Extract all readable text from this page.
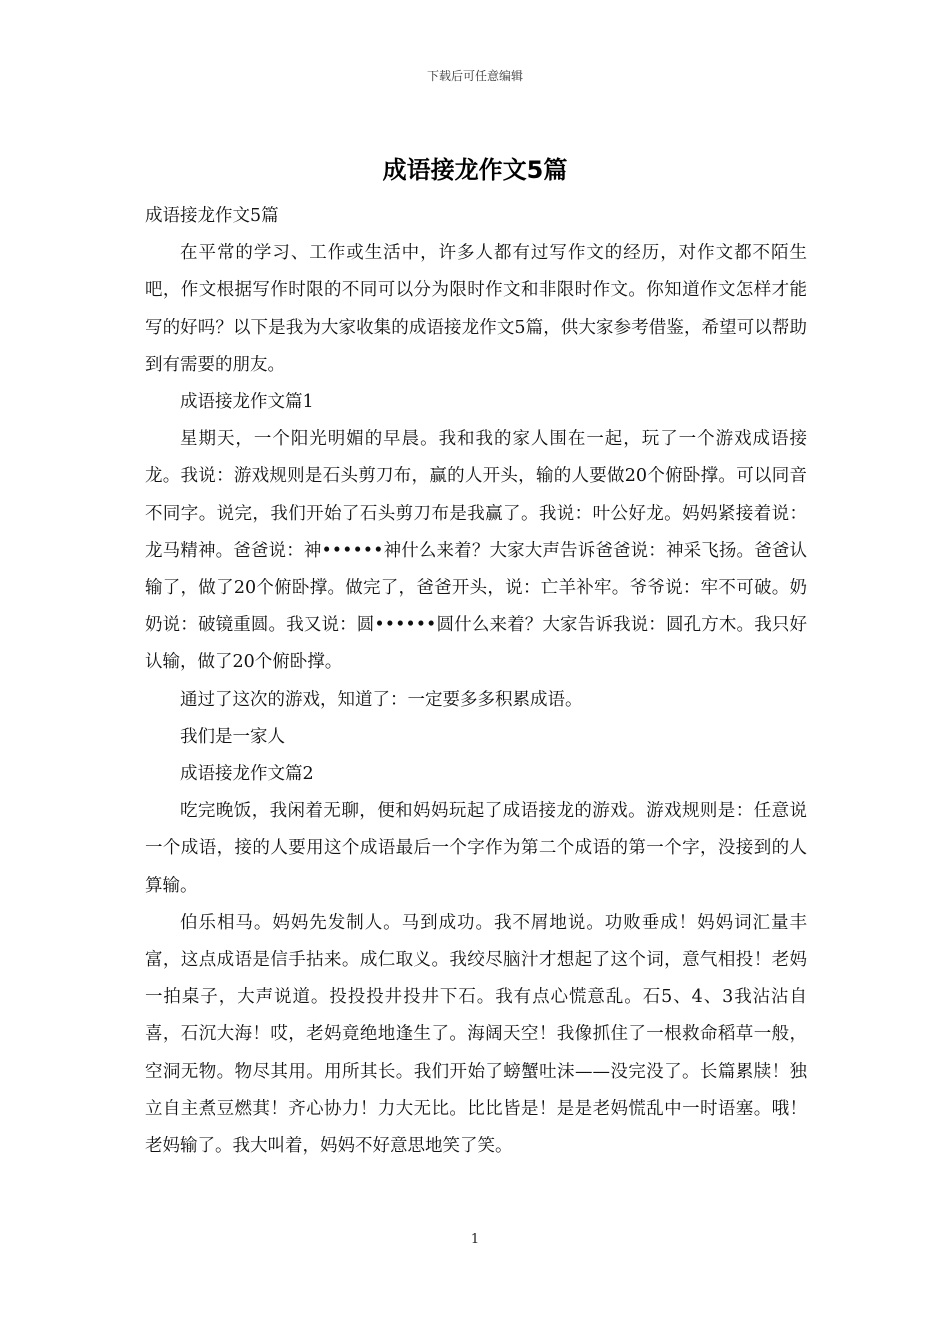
下载后可任意编辑
成语接龙作文5篇

成语接龙作文5篇

在平常的学习、工作或生活中，许多人都有过写作文的经历，对作文都不陌生吧，作文根据写作时限的不同可以分为限时作文和非限时作文。你知道作文怎样才能写的好吗？以下是我为大家收集的成语接龙作文5篇，供大家参考借鉴，希望可以帮助到有需要的朋友。

成语接龙作文篇1

星期天，一个阳光明媚的早晨。我和我的家人围在一起，玩了一个游戏成语接龙。我说：游戏规则是石头剪刀布，赢的人开头，输的人要做20个俯卧撑。可以同音不同字。说完，我们开始了石头剪刀布是我赢了。我说：叶公好龙。妈妈紧接着说：龙马精神。爸爸说：神••••••神什么来着？大家大声告诉爸爸说：神采飞扬。爸爸认输了，做了20个俯卧撑。做完了，爸爸开头，说：亡羊补牢。爷爷说：牢不可破。奶奶说：破镜重圆。我又说：圆••••••圆什么来着？大家告诉我说：圆孔方木。我只好认输，做了20个俯卧撑。

通过了这次的游戏，知道了：一定要多多积累成语。

我们是一家人

成语接龙作文篇2

吃完晚饭，我闲着无聊，便和妈妈玩起了成语接龙的游戏。游戏规则是：任意说一个成语，接的人要用这个成语最后一个字作为第二个成语的第一个字，没接到的人算输。

伯乐相马。妈妈先发制人。马到成功。我不屑地说。功败垂成！妈妈词汇量丰富，这点成语是信手拈来。成仁取义。我绞尽脑汁才想起了这个词，意气相投！老妈一拍桌子，大声说道。投投投井投井下石。我有点心慌意乱。石5、4、3我沾沾自喜，石沉大海！哎，老妈竟绝地逢生了。海阔天空！我像抓住了一根救命稻草一般，空洞无物。物尽其用。用所其长。我们开始了螃蟹吐沫——没完没了。长篇累牍！独立自主煮豆燃萁！齐心协力！力大无比。比比皆是！是是老妈慌乱中一时语塞。哦！老妈输了。我大叫着，妈妈不好意思地笑了笑。

1
